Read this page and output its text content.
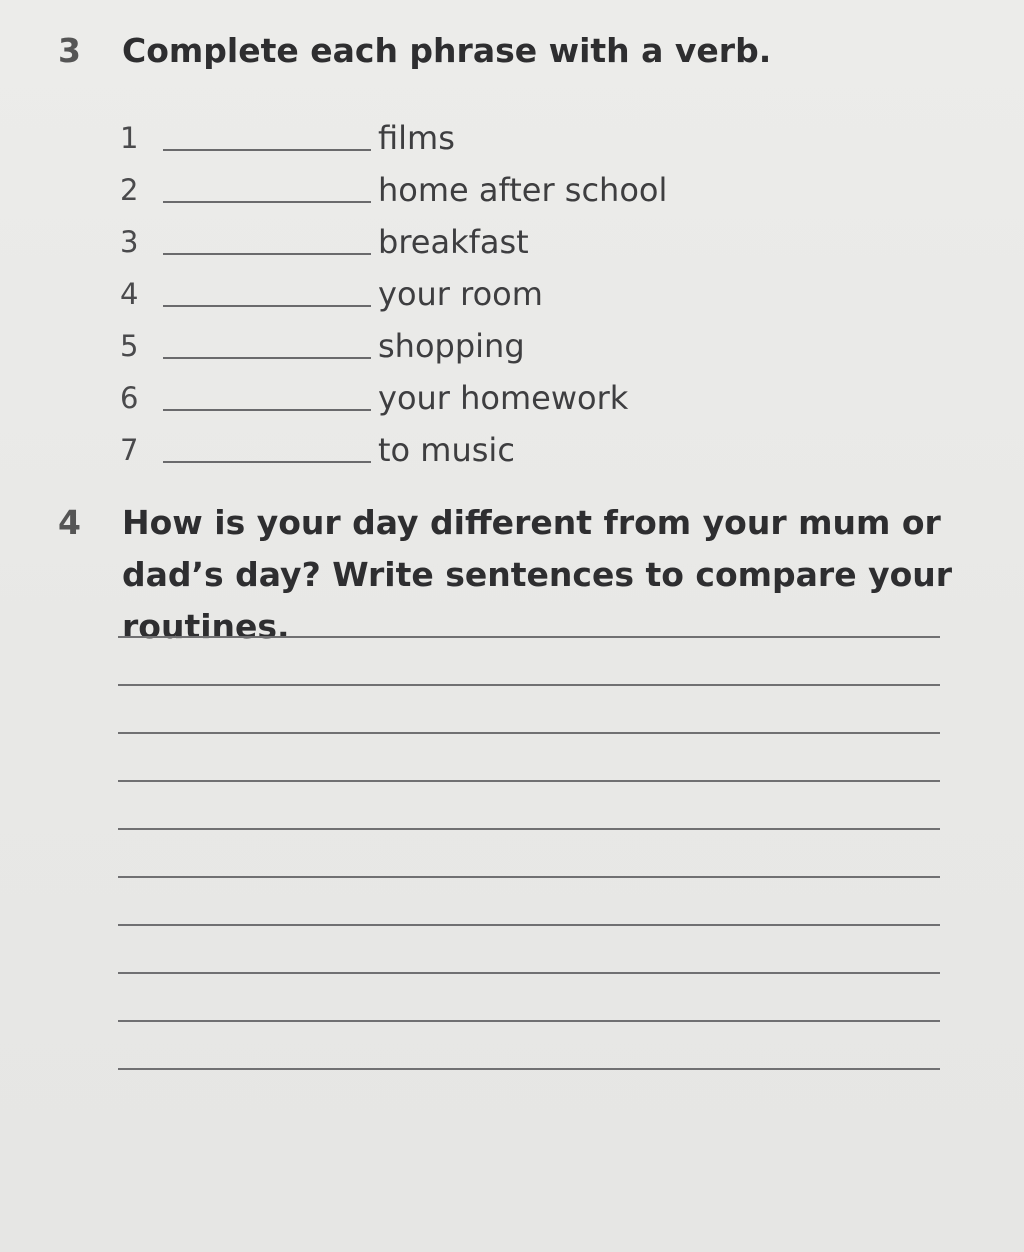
3 Complete each phrase with a verb.
1	films
2	home after school
3	breakfast
4	your room
5	shopping
6	your homework
7	to music
4 How is your day different from your mum or dad’s day? Write sentences to compare your routines.
